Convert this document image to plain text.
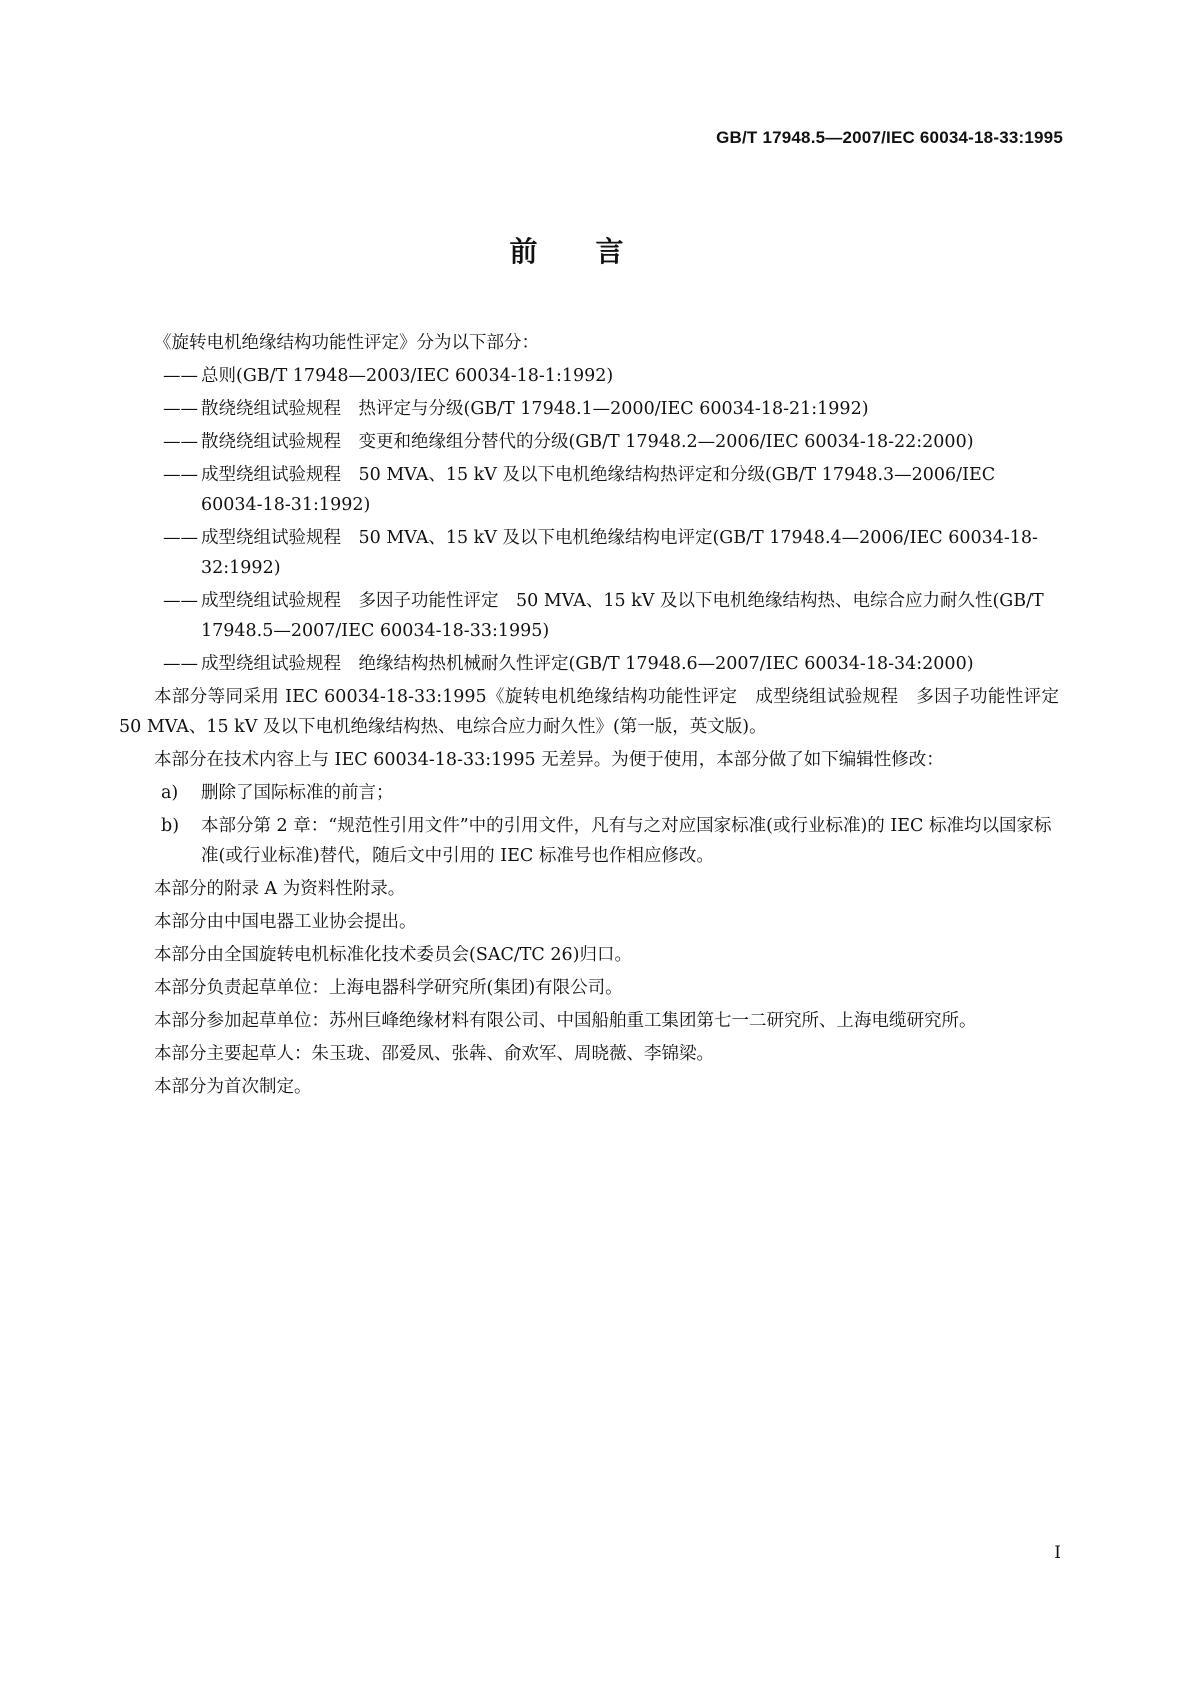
GB/T 17948.5—2007/IEC 60034-18-33:1995
前言
《旋转电机绝缘结构功能性评定》分为以下部分：
—— 总则(GB/T 17948—2003/IEC 60034-18-1:1992)
—— 散绕绕组试验规程　热评定与分级(GB/T 17948.1—2000/IEC 60034-18-21:1992)
—— 散绕绕组试验规程　变更和绝缘组分替代的分级(GB/T 17948.2—2006/IEC 60034-18-22:2000)
—— 成型绕组试验规程　50 MVA、15 kV 及以下电机绝缘结构热评定和分级(GB/T 17948.3—2006/IEC 60034-18-31:1992)
—— 成型绕组试验规程　50 MVA、15 kV 及以下电机绝缘结构电评定(GB/T 17948.4—2006/IEC 60034-18-32:1992)
—— 成型绕组试验规程　多因子功能性评定　50 MVA、15 kV 及以下电机绝缘结构热、电综合应力耐久性(GB/T 17948.5—2007/IEC 60034-18-33:1995)
—— 成型绕组试验规程　绝缘结构热机械耐久性评定(GB/T 17948.6—2007/IEC 60034-18-34:2000)
本部分等同采用 IEC 60034-18-33:1995《旋转电机绝缘结构功能性评定　成型绕组试验规程　多因子功能性评定　50 MVA、15 kV 及以下电机绝缘结构热、电综合应力耐久性》(第一版，英文版)。
本部分在技术内容上与 IEC 60034-18-33:1995 无差异。为便于使用，本部分做了如下编辑性修改：
a) 删除了国际标准的前言；
b) 本部分第 2 章：“规范性引用文件”中的引用文件，凡有与之对应国家标准(或行业标准)的 IEC 标准均以国家标准(或行业标准)替代，随后文中引用的 IEC 标准号也作相应修改。
本部分的附录 A 为资料性附录。
本部分由中国电器工业协会提出。
本部分由全国旋转电机标准化技术委员会(SAC/TC 26)归口。
本部分负责起草单位：上海电器科学研究所(集团)有限公司。
本部分参加起草单位：苏州巨峰绝缘材料有限公司、中国船舶重工集团第七一二研究所、上海电缆研究所。
本部分主要起草人：朱玉珑、邵爱凤、张犇、俞欢军、周晓薇、李锦梁。
本部分为首次制定。
I
